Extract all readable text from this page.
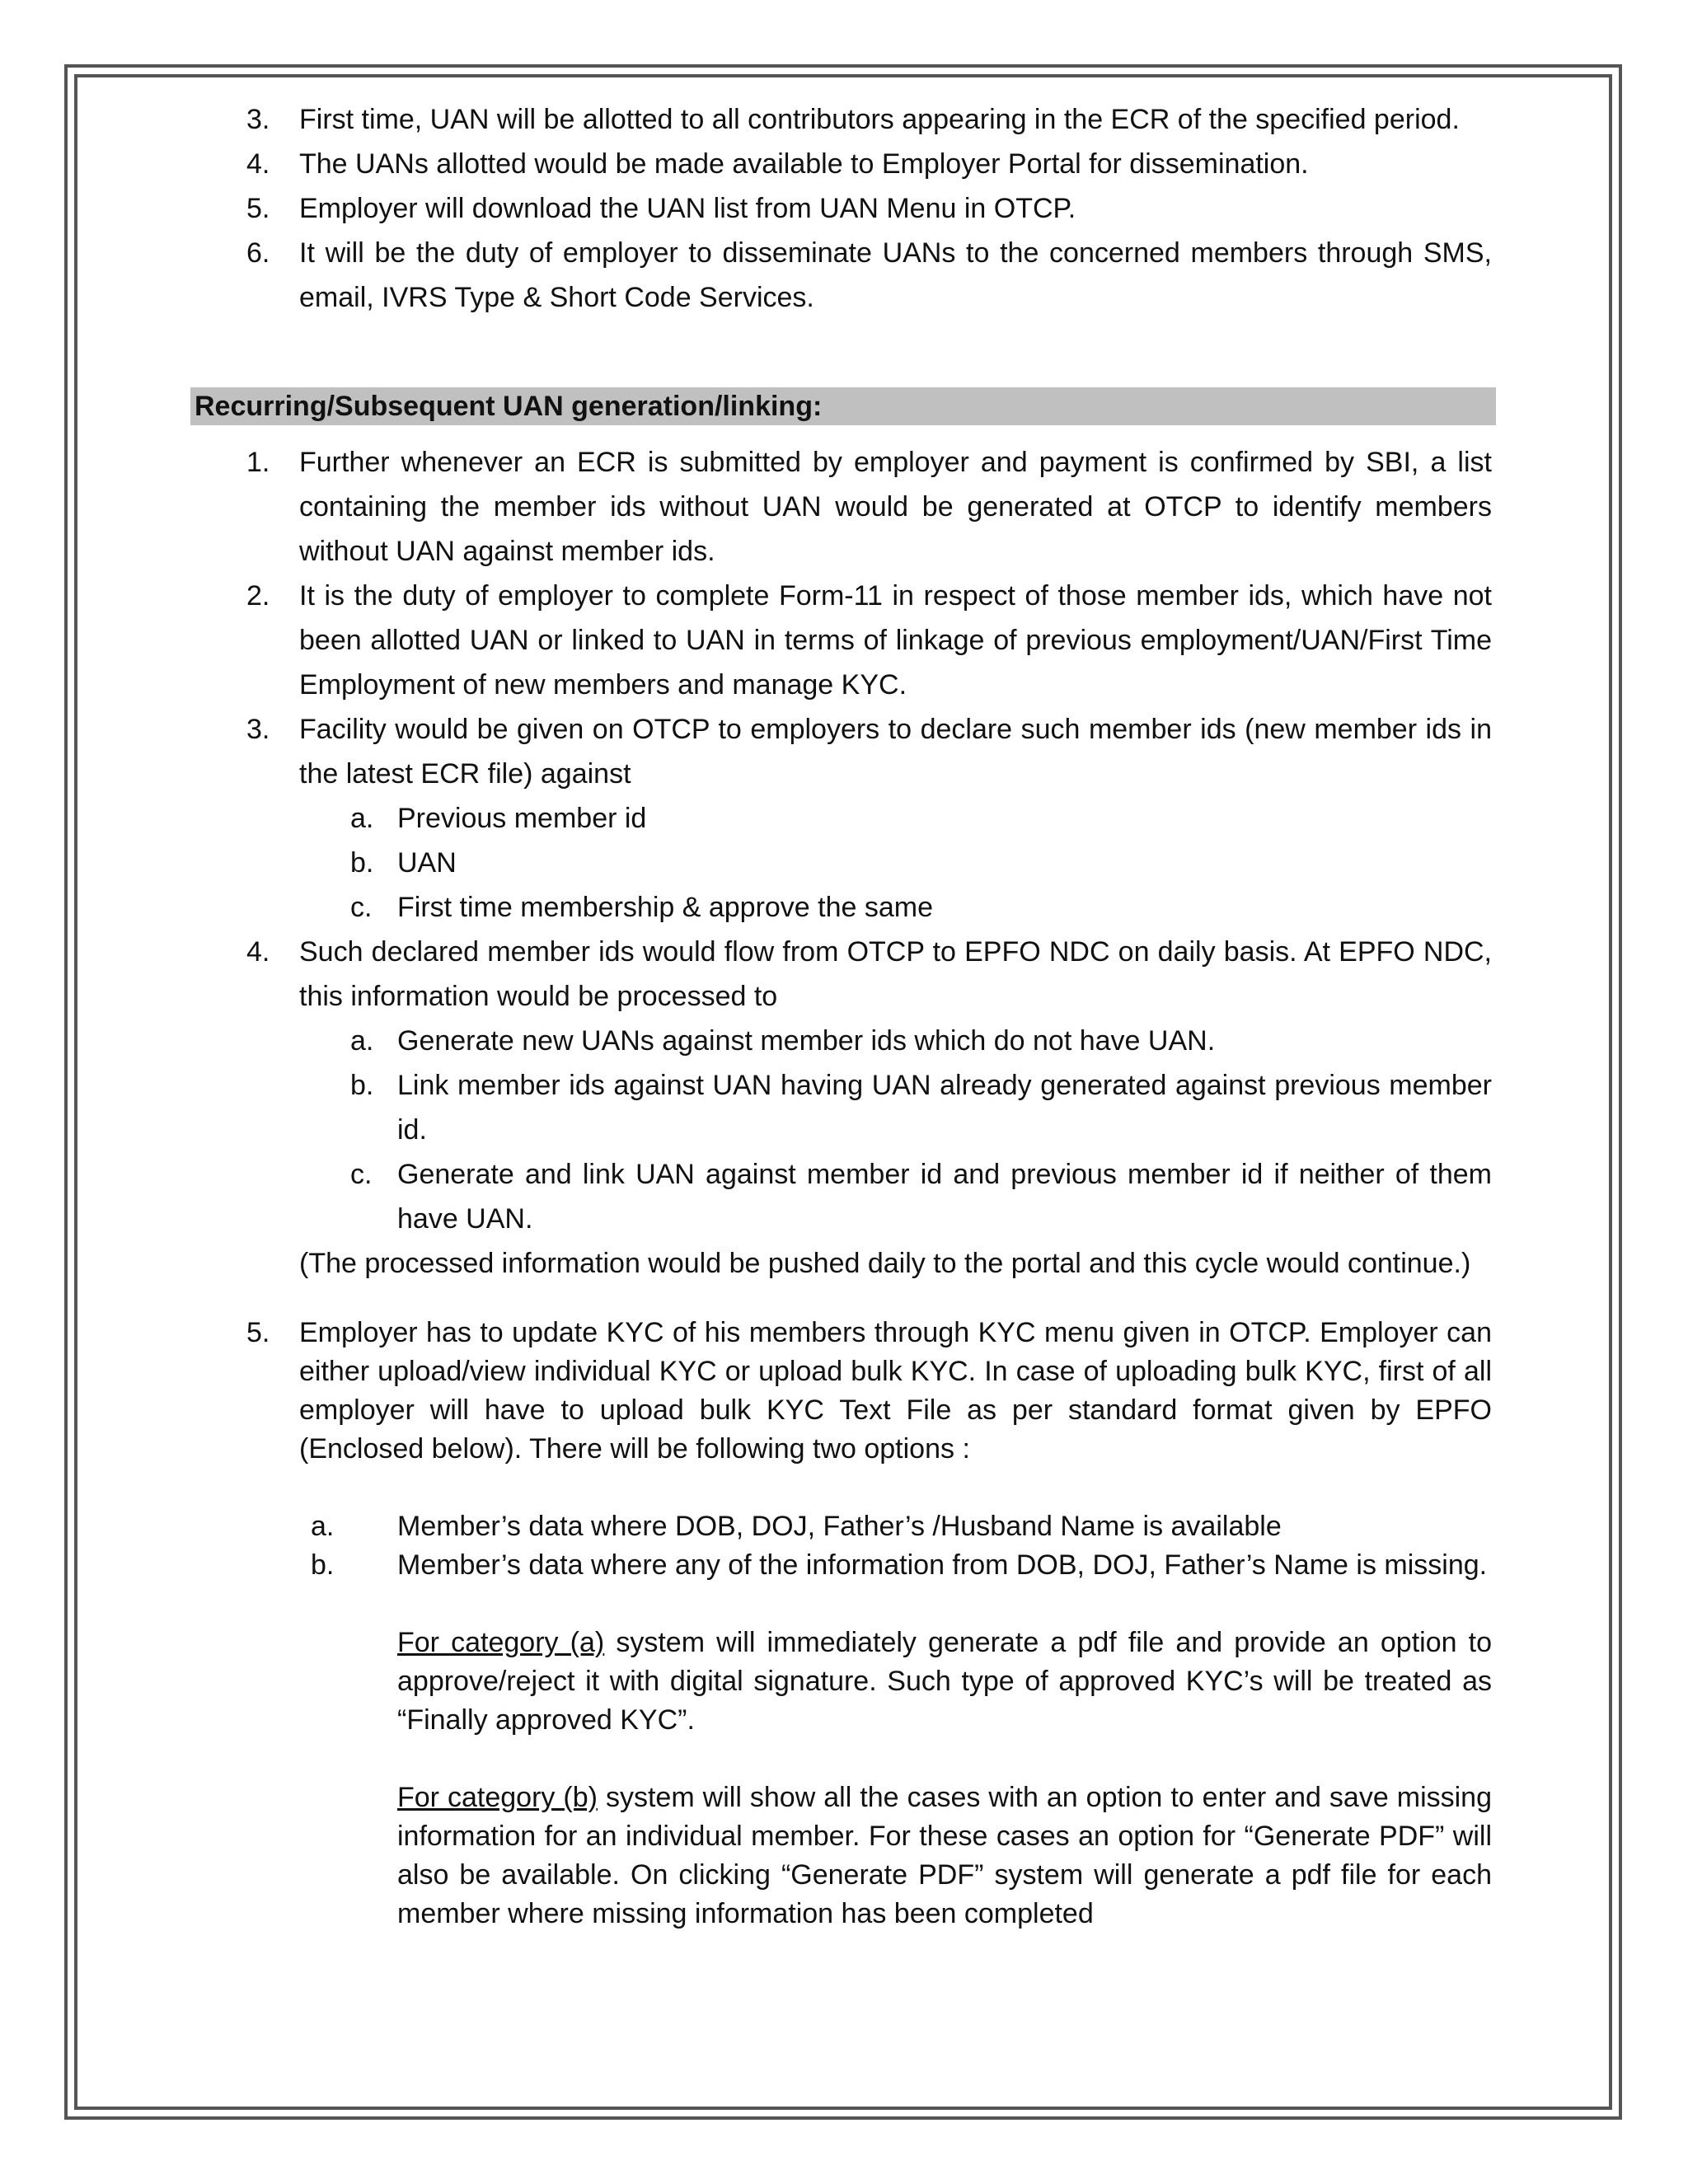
3. First time, UAN will be allotted to all contributors appearing in the ECR of the specified period.
4. The UANs allotted would be made available to Employer Portal for dissemination.
5. Employer will download the UAN list from UAN Menu in OTCP.
6. It will be the duty of employer to disseminate UANs to the concerned members through SMS, email, IVRS Type & Short Code Services.
Recurring/Subsequent UAN generation/linking:
1. Further whenever an ECR is submitted by employer and payment is confirmed by SBI, a list containing the member ids without UAN would be generated at OTCP to identify members without UAN against member ids.
2. It is the duty of employer to complete Form-11 in respect of those member ids, which have not been allotted UAN or linked to UAN in terms of linkage of previous employment/UAN/First Time Employment of new members and manage KYC.
3. Facility would be given on OTCP to employers to declare such member ids (new member ids in the latest ECR file) against
a. Previous member id
b. UAN
c. First time membership & approve the same
4. Such declared member ids would flow from OTCP to EPFO NDC on daily basis. At EPFO NDC, this information would be processed to
a. Generate new UANs against member ids which do not have UAN.
b. Link member ids against UAN having UAN already generated against previous member id.
c. Generate and link UAN against member id and previous member id if neither of them have UAN.
(The processed information would be pushed daily to the portal and this cycle would continue.)
5. Employer has to update KYC of his members through KYC menu given in OTCP. Employer can either upload/view individual KYC or upload bulk KYC. In case of uploading bulk KYC, first of all employer will have to upload bulk KYC Text File as per standard format given by EPFO (Enclosed below). There will be following two options :
a. Member’s data where DOB, DOJ, Father’s /Husband Name is available
b. Member’s data where any of the information from DOB, DOJ, Father’s Name is missing.
For category (a) system will immediately generate a pdf file and provide an option to approve/reject it with digital signature. Such type of approved KYC’s will be treated as “Finally approved KYC”.
For category (b) system will show all the cases with an option to enter and save missing information for an individual member. For these cases an option for “Generate PDF” will also be available. On clicking “Generate PDF” system will generate a pdf file for each member where missing information has been completed
